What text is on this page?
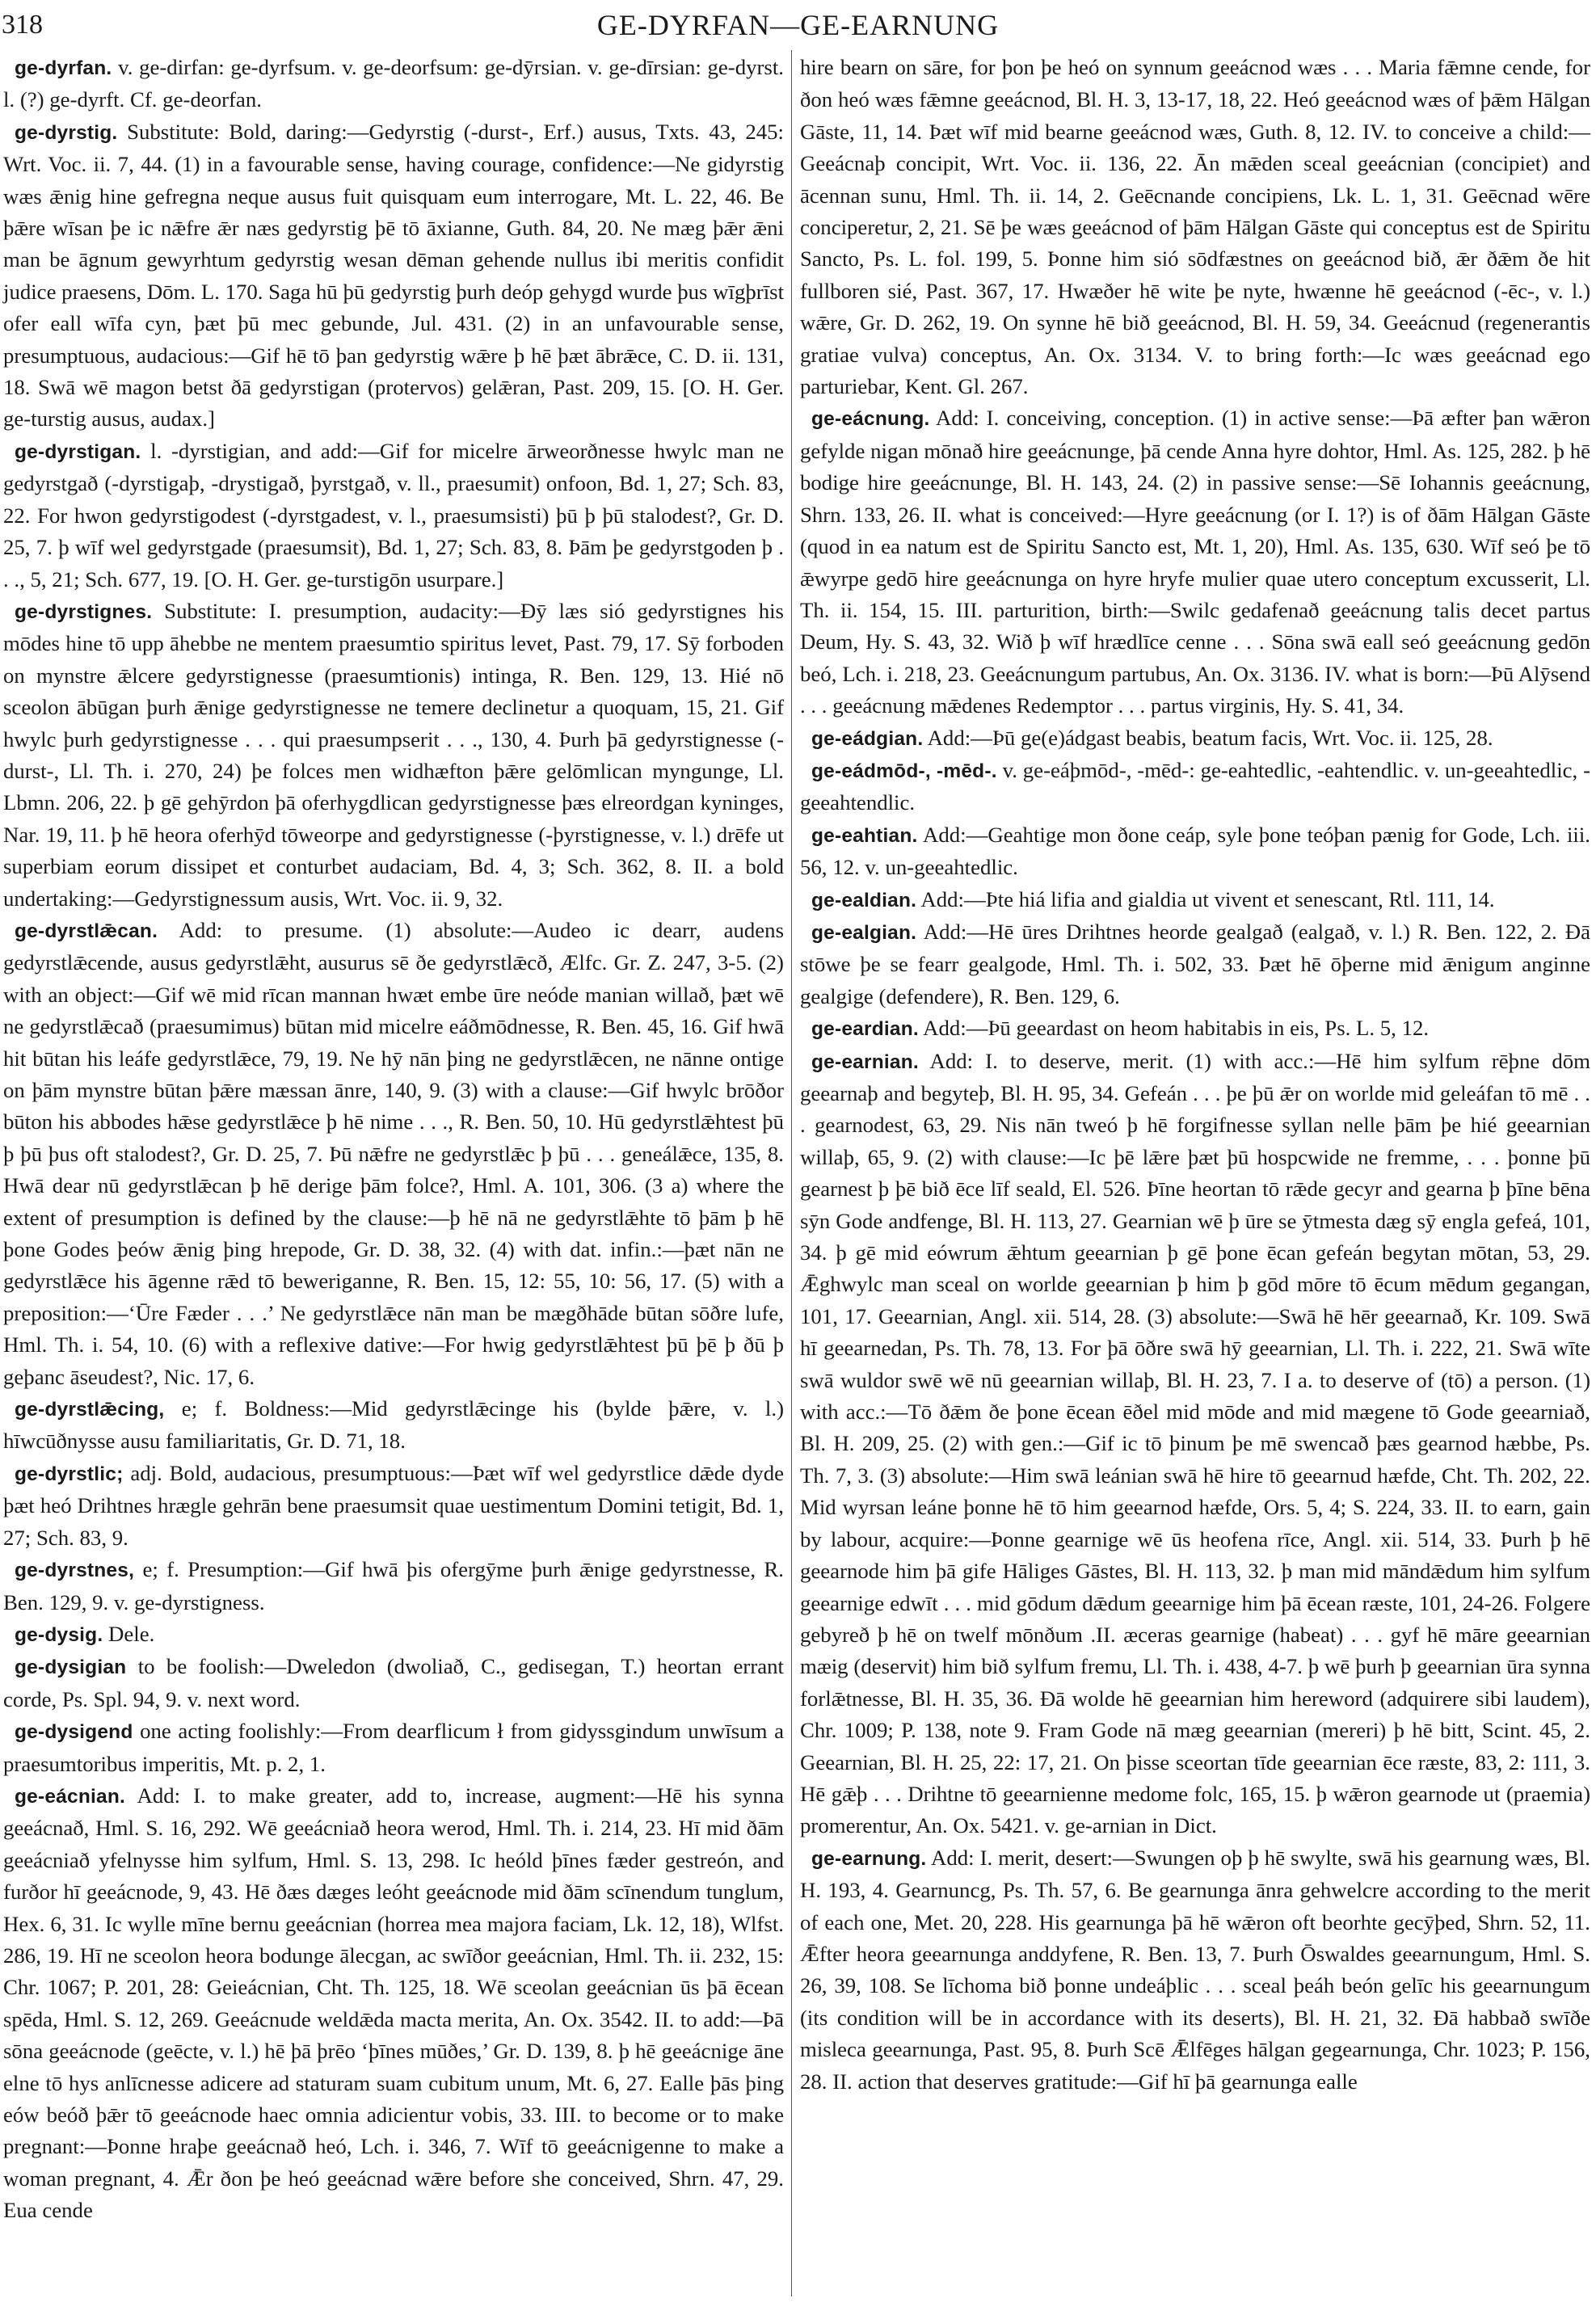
318	GE-DYRFAN—GE-EARNUNG

ge-dyrfan. v. ge-dirfan: ge-dyrfsum. v. ge-deorfsum: ge-dȳrsian. v. ge-dīrsian: ge-dyrst. l. (?) ge-dyrft. Cf. ge-deorfan.

ge-dyrstig. Substitute: Bold, daring:—Gedyrstig (-durst-, Erf.) ausus, Txts. 43, 245: Wrt. Voc. ii. 7, 44. (1) in a favourable sense, having courage, confidence:—Ne gidyrstig wæs ǣnig hine gefregna neque ausus fuit quisquam eum interrogare, Mt. L. 22, 46. Be þǣre wīsan þe ic nǣfre ǣr næs gedyrstig þē tō āxianne, Guth. 84, 20. Ne mæg þǣr ǣni man be āgnum gewyrhtum gedyrstig wesan dēman gehende nullus ibi meritis confidit judice praesens, Dōm. L. 170. Saga hū þū gedyrstig þurh deóp gehygd wurde þus wīgþrīst ofer eall wīfa cyn, þæt þū mec gebunde, Jul. 431. (2) in an unfavourable sense, presumptuous, audacious:—Gif hē tō þan gedyrstig wǣre þ hē þæt ābrǣce, C. D. ii. 131, 18. Swā wē magon betst ðā gedyrstigan (protervos) gelǣran, Past. 209, 15. [O. H. Ger. ge-turstig ausus, audax.]

ge-dyrstigan. l. -dyrstigian, and add:—Gif for micelre ārweorðnesse hwylc man ne gedyrstgað (-dyrstigaþ, -drystigað, þyrstgað, v. ll., praesumit) onfoon, Bd. 1, 27; Sch. 83, 22. For hwon gedyrstigodest (-dyrstgadest, v. l., praesumsisti) þū þ þū stalodest?, Gr. D. 25, 7. þ wīf wel gedyrstgade (praesumsit), Bd. 1, 27; Sch. 83, 8. Þām þe gedyrstgoden þ . . ., 5, 21; Sch. 677, 19. [O. H. Ger. ge-turstigōn usurpare.]

ge-dyrstignes. Substitute: I. presumption, audacity:—Ðȳ læs sió gedyrstignes his mōdes hine tō upp āhebbe ne mentem praesumtio spiritus levet, Past. 79, 17. Sȳ forboden on mynstre ǣlcere gedyrstignesse (praesumtionis) intinga, R. Ben. 129, 13. Hié nō sceolon ābūgan þurh ǣnige gedyrstignesse ne temere declinetur a quoquam, 15, 21. Gif hwylc þurh gedyrstignesse . . . qui praesumpserit . . ., 130, 4. Þurh þā gedyrstignesse (-durst-, Ll. Th. i. 270, 24) þe folces men widhæfton þǣre gelōmlican myngunge, Ll. Lbmn. 206, 22. þ gē gehȳrdon þā oferhygdlican gedyrstignesse þæs elreordgan kyninges, Nar. 19, 11. þ hē heora oferhȳd tōweorpe and gedyrstignesse (-þyrstignesse, v. l.) drēfe ut superbiam eorum dissipet et conturbet audaciam, Bd. 4, 3; Sch. 362, 8. II. a bold undertaking:—Gedyrstignessum ausis, Wrt. Voc. ii. 9, 32.

ge-dyrstlǣcan. Add: to presume. (1) absolute:—Audeo ic dearr, audens gedyrstlǣcende, ausus gedyrstlǣht, ausurus sē ðe gedyrstlǣcð, Ælfc. Gr. Z. 247, 3-5. (2) with an object:—Gif wē mid rīcan mannan hwæt embe ūre neóde manian willað, þæt wē ne gedyrstlǣcað (praesumimus) būtan mid micelre eáðmōdnesse, R. Ben. 45, 16. Gif hwā hit būtan his leáfe gedyrstlǣce, 79, 19. Ne hȳ nān þing ne gedyrstlǣcen, ne nānne ontige on þām mynstre būtan þǣre mæssan ānre, 140, 9. (3) with a clause:—Gif hwylc brōðor būton his abbodes hǣse gedyrstlǣce þ hē nime . . ., R. Ben. 50, 10. Hū gedyrstlǣhtest þū þ þū þus oft stalodest?, Gr. D. 25, 7. Þū nǣfre ne gedyrstlǣc þ þū . . . geneálǣce, 135, 8. Hwā dear nū gedyrstlǣcan þ hē derige þām folce?, Hml. A. 101, 306. (3 a) where the extent of presumption is defined by the clause:—þ hē nā ne gedyrstlǣhte tō þām þ hē þone Godes þeów ǣnig þing hrepode, Gr. D. 38, 32. (4) with dat. infin.:—þæt nān ne gedyrstlǣce his āgenne rǣd tō beweriganne, R. Ben. 15, 12: 55, 10: 56, 17. (5) with a preposition:—‘Ūre Fæder . . .’ Ne gedyrstlǣce nān man be mægðhāde būtan sōðre lufe, Hml. Th. i. 54, 10. (6) with a reflexive dative:—For hwig gedyrstlǣhtest þū þē þ ðū þ geþanc āseudest?, Nic. 17, 6.

ge-dyrstlǣcing, e; f. Boldness:—Mid gedyrstlǣcinge his (bylde þǣre, v. l.) hīwcūðnysse ausu familiaritatis, Gr. D. 71, 18.

ge-dyrstlic; adj. Bold, audacious, presumptuous:—Þæt wīf wel gedyrstlice dǣde dyde þæt heó Drihtnes hrægle gehrān bene praesumsit quae uestimentum Domini tetigit, Bd. 1, 27; Sch. 83, 9.

ge-dyrstnes, e; f. Presumption:—Gif hwā þis ofergȳme þurh ǣnige gedyrstnesse, R. Ben. 129, 9. v. ge-dyrstigness.

ge-dysig. Dele.

ge-dysigian to be foolish:—Dweledon (dwoliað, C., gedisegan, T.) heortan errant corde, Ps. Spl. 94, 9. v. next word.

ge-dysigend one acting foolishly:—From dearflicum ł from gidyssgindum unwīsum a praesumtoribus imperitis, Mt. p. 2, 1.

ge-eácnian. Add: I. to make greater, add to, increase, augment:—Hē his synna geeácnað, Hml. S. 16, 292. Wē geeácniað heora werod, Hml. Th. i. 214, 23. Hī mid ðām geeácniað yfelnysse him sylfum, Hml. S. 13, 298. Ic heóld þīnes fæder gestreón, and furðor hī geeácnode, 9, 43. Hē ðæs dæges leóht geeácnode mid ðām scīnendum tunglum, Hex. 6, 31. Ic wylle mīne bernu geeácnian (horrea mea majora faciam, Lk. 12, 18), Wlfst. 286, 19. Hī ne sceolon heora bodunge ālecgan, ac swīðor geeácnian, Hml. Th. ii. 232, 15: Chr. 1067; P. 201, 28: Geieácnian, Cht. Th. 125, 18. Wē sceolan geeácnian ūs þā ēcean spēda, Hml. S. 12, 269. Geeácnude weldǣda macta merita, An. Ox. 3542. II. to add:—Þā sōna geeácnode (geēcte, v. l.) hē þā þrēo ‘þīnes mūðes,’ Gr. D. 139, 8. þ hē geeácnige āne elne tō hys anlīcnesse adicere ad staturam suam cubitum unum, Mt. 6, 27. Ealle þās þing eów beóð þǣr tō geeácnode haec omnia adicientur vobis, 33. III. to become or to make pregnant:—Þonne hraþe geeácnað heó, Lch. i. 346, 7. Wīf tō geeácnigenne to make a woman pregnant, 4. Ǣr ðon þe heó geeácnad wǣre before she conceived, Shrn. 47, 29. Eua cende

hire bearn on sāre, for þon þe heó on synnum geeácnod wæs . . . Maria fǣmne cende, for ðon heó wæs fǣmne geeácnod, Bl. H. 3, 13-17, 18, 22. Heó geeácnod wæs of þǣm Hālgan Gāste, 11, 14. Þæt wīf mid bearne geeácnod wæs, Guth. 8, 12. IV. to conceive a child:—Geeácnaþ concipit, Wrt. Voc. ii. 136, 22. Ān mǣden sceal geeácnian (concipiet) and ācennan sunu, Hml. Th. ii. 14, 2. Geēcnande concipiens, Lk. L. 1, 31. Geēcnad wēre conciperetur, 2, 21. Sē þe wæs geeácnod of þām Hālgan Gāste qui conceptus est de Spiritu Sancto, Ps. L. fol. 199, 5. Þonne him sió sōdfæstnes on geeácnod bið, ǣr ðǣm ðe hit fullboren sié, Past. 367, 17. Hwæðer hē wite þe nyte, hwænne hē geeácnod (-ēc-, v. l.) wǣre, Gr. D. 262, 19. On synne hē bið geeácnod, Bl. H. 59, 34. Geeácnud (regenerantis gratiae vulva) conceptus, An. Ox. 3134. V. to bring forth:—Ic wæs geeácnad ego parturiebar, Kent. Gl. 267.

ge-eácnung. Add: I. conceiving, conception. (1) in active sense:—Þā æfter þan wǣron gefylde nigan mōnað hire geeácnunge, þā cende Anna hyre dohtor, Hml. As. 125, 282. þ hē bodige hire geeácnunge, Bl. H. 143, 24. (2) in passive sense:—Sē Iohannis geeácnung, Shrn. 133, 26. II. what is conceived:—Hyre geeácnung (or I. 1?) is of ðām Hālgan Gāste (quod in ea natum est de Spiritu Sancto est, Mt. 1, 20), Hml. As. 135, 630. Wīf seó þe tō ǣwyrpe gedō hire geeácnunga on hyre hryfe mulier quae utero conceptum excusserit, Ll. Th. ii. 154, 15. III. parturition, birth:—Swilc gedafenað geeácnung talis decet partus Deum, Hy. S. 43, 32. Wið þ wīf hrædlīce cenne . . . Sōna swā eall seó geeácnung gedōn beó, Lch. i. 218, 23. Geeácnungum partubus, An. Ox. 3136. IV. what is born:—Þū Alȳsend . . . geeácnung mǣdenes Redemptor . . . partus virginis, Hy. S. 41, 34.

ge-eádgian. Add:—Þū ge(e)ádgast beabis, beatum facis, Wrt. Voc. ii. 125, 28.

ge-eádmōd-, -mēd-. v. ge-eáþmōd-, -mēd-: ge-eahtedlic, -eahtendlic. v. un-geeahtedlic, -geeahtendlic.

ge-eahtian. Add:—Geahtige mon ðone ceáp, syle þone teóþan pænig for Gode, Lch. iii. 56, 12. v. un-geeahtedlic.

ge-ealdian. Add:—Þte hiá lifia and gialdia ut vivent et senescant, Rtl. 111, 14.

ge-ealgian. Add:—Hē ūres Drihtnes heorde gealgað (ealgað, v. l.) R. Ben. 122, 2. Ðā stōwe þe se fearr gealgode, Hml. Th. i. 502, 33. Þæt hē ōþerne mid ǣnigum anginne gealgige (defendere), R. Ben. 129, 6.

ge-eardian. Add:—Þū geeardast on heom habitabis in eis, Ps. L. 5, 12.

ge-earnian. Add: I. to deserve, merit. (1) with acc.:—Hē him sylfum rēþne dōm geearnaþ and begyteþ, Bl. H. 95, 34. Gefeán . . . þe þū ǣr on worlde mid geleáfan tō mē . . . gearnodest, 63, 29. Nis nān tweó þ hē forgifnesse syllan nelle þām þe hié geearnian willaþ, 65, 9. (2) with clause:—Ic þē lǣre þæt þū hospcwide ne fremme, . . . þonne þū gearnest þ þē bið ēce līf seald, El. 526. Þīne heortan tō rǣde gecyr and gearna þ þīne bēna sȳn Gode andfenge, Bl. H. 113, 27. Gearnian wē þ ūre se ȳtmesta dæg sȳ engla gefeá, 101, 34. þ gē mid eówrum ǣhtum geearnian þ gē þone ēcan gefeán begytan mōtan, 53, 29. Ǣghwylc man sceal on worlde geearnian þ him þ gōd mōre tō ēcum mēdum gegangan, 101, 17. Geearnian, Angl. xii. 514, 28. (3) absolute:—Swā hē hēr geearnað, Kr. 109. Swā hī geearnedan, Ps. Th. 78, 13. For þā ōðre swā hȳ geearnian, Ll. Th. i. 222, 21. Swā wīte swā wuldor swē wē nū geearnian willaþ, Bl. H. 23, 7. I a. to deserve of (tō) a person. (1) with acc.:—Tō ðǣm ðe þone ēcean ēðel mid mōde and mid mægene tō Gode geearniað, Bl. H. 209, 25. (2) with gen.:—Gif ic tō þinum þe mē swencað þæs gearnod hæbbe, Ps. Th. 7, 3. (3) absolute:—Him swā leánian swā hē hire tō geearnud hæfde, Cht. Th. 202, 22. Mid wyrsan leáne þonne hē tō him geearnod hæfde, Ors. 5, 4; S. 224, 33. II. to earn, gain by labour, acquire:—Þonne gearnige wē ūs heofena rīce, Angl. xii. 514, 33. Þurh þ hē geearnode him þā gife Hāliges Gāstes, Bl. H. 113, 32. þ man mid māndǣdum him sylfum geearnige edwīt . . . mid gōdum dǣdum geearnige him þā ēcean ræste, 101, 24-26. Folgere gebyreð þ hē on twelf mōnðum .II. æceras gearnige (habeat) . . . gyf hē māre geearnian mæig (deservit) him bið sylfum fremu, Ll. Th. i. 438, 4-7. þ wē þurh þ geearnian ūra synna forlǣtnesse, Bl. H. 35, 36. Ðā wolde hē geearnian him hereword (adquirere sibi laudem), Chr. 1009; P. 138, note 9. Fram Gode nā mæg geearnian (mereri) þ hē bitt, Scint. 45, 2. Geearnian, Bl. H. 25, 22: 17, 21. On þisse sceortan tīde geearnian ēce ræste, 83, 2: 111, 3. Hē gǣþ . . . Drihtne tō geearnienne medome folc, 165, 15. þ wǣron gearnode ut (praemia) promerentur, An. Ox. 5421. v. ge-arnian in Dict.

ge-earnung. Add: I. merit, desert:—Swungen oþ þ hē swylte, swā his gearnung wæs, Bl. H. 193, 4. Gearnuncg, Ps. Th. 57, 6. Be gearnunga ānra gehwelcre according to the merit of each one, Met. 20, 228. His gearnunga þā hē wǣron oft beorhte gecȳþed, Shrn. 52, 11. Ǣfter heora geearnunga anddyfene, R. Ben. 13, 7. Þurh Ōswaldes geearnungum, Hml. S. 26, 39, 108. Se līchoma bið þonne undeáþlic . . . sceal þeáh beón gelīc his geearnungum (its condition will be in accordance with its deserts), Bl. H. 21, 32. Ðā habbað swīðe misleca geearnunga, Past. 95, 8. Þurh Scē Ǣlfēges hālgan gegearnunga, Chr. 1023; P. 156, 28. II. action that deserves gratitude:—Gif hī þā gearnunga ealle
